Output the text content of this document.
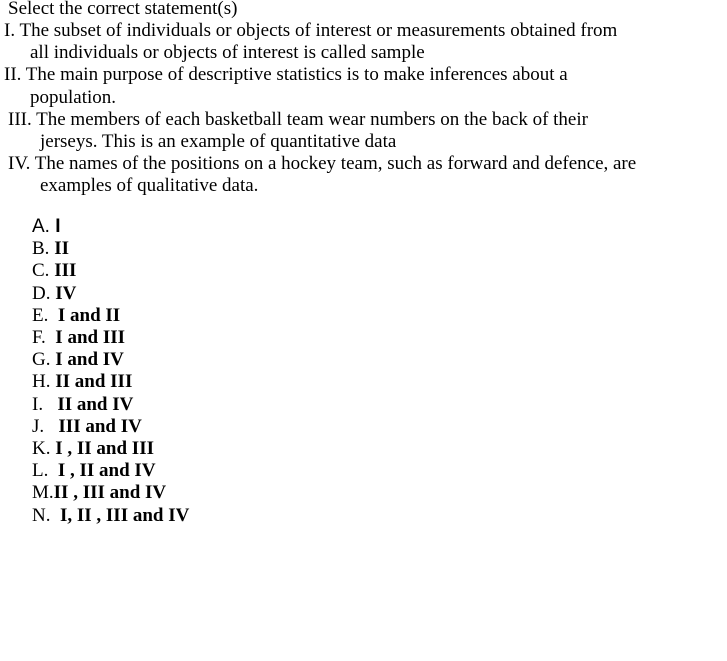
Select the correct statement(s)
I. The subset of individuals or objects of interest or measurements obtained from
all individuals or objects of interest is called sample
II. The main purpose of descriptive statistics is to make inferences about a
population.
III. The members of each basketball team wear numbers on the back of their
jerseys. This is an example of quantitative data
IV. The names of the positions on a hockey team, such as forward and defence, are
examples of qualitative data.
A. I
B. II
C. III
D. IV
E.  I and II
F.  I and III
G. I and IV
H. II and III
I.   II and IV
J.   III and IV
K. I , II and III
L.  I , II and IV
M.II , III and IV
N.  I, II , III and IV
